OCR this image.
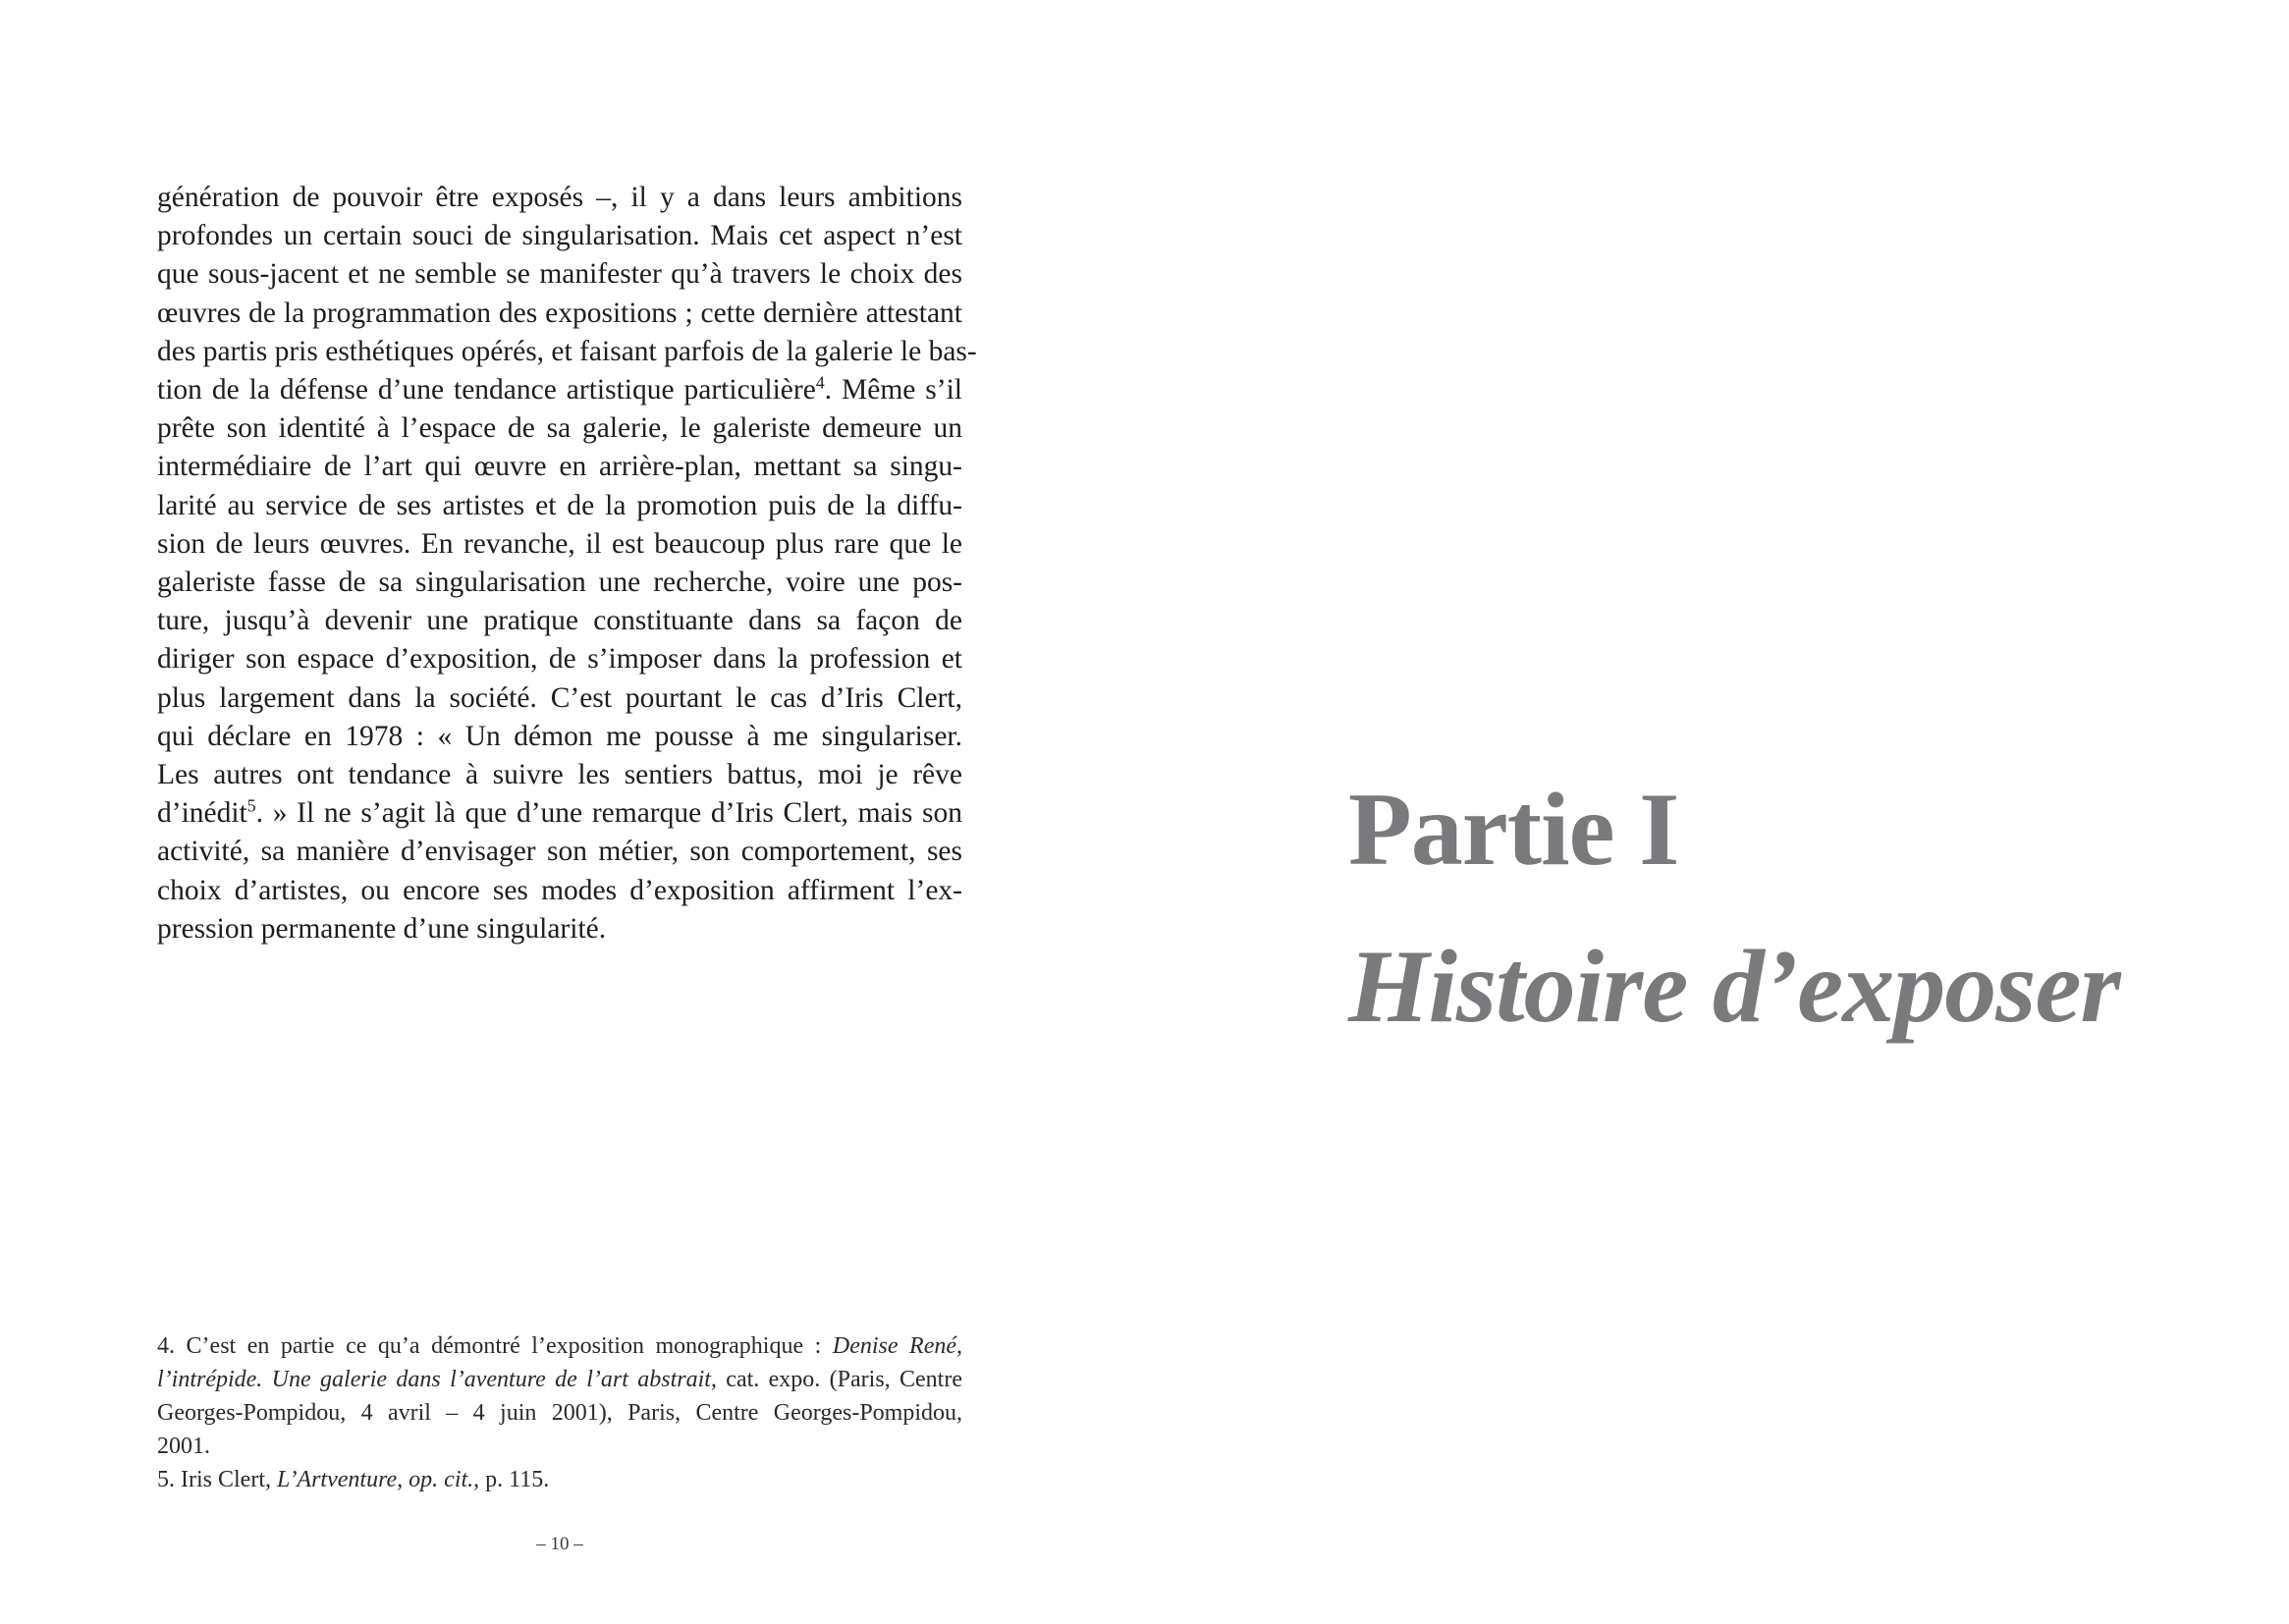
génération de pouvoir être exposés –, il y a dans leurs ambitions
profondes un certain souci de singularisation. Mais cet aspect n’est
que sous-jacent et ne semble se manifester qu’à travers le choix des
œuvres de la programmation des expositions ; cette dernière attestant
des partis pris esthétiques opérés, et faisant parfois de la galerie le bas-
tion de la défense d’une tendance artistique particulière$^4$. Même s’il
prête son identité à l’espace de sa galerie, le galeriste demeure un
intermédiaire de l’art qui œuvre en arrière-plan, mettant sa singu-
larité au service de ses artistes et de la promotion puis de la diffu-
sion de leurs œuvres. En revanche, il est beaucoup plus rare que le
galeriste fasse de sa singularisation une recherche, voire une pos-
ture, jusqu’à devenir une pratique constituante dans sa façon de
diriger son espace d’exposition, de s’imposer dans la profession et
plus largement dans la société. C’est pourtant le cas d’Iris Clert,
qui déclare en 1978 : « Un démon me pousse à me singulariser.
Les autres ont tendance à suivre les sentiers battus, moi je rêve
d’inédit$^5$. » Il ne s’agit là que d’une remarque d’Iris Clert, mais son
activité, sa manière d’envisager son métier, son comportement, ses
choix d’artistes, ou encore ses modes d’exposition affirment l’ex-
pression permanente d’une singularité.
4. C’est en partie ce qu’a démontré l’exposition monographique : Denise René,
l’intrépide. Une galerie dans l’aventure de l’art abstrait, cat. expo. (Paris, Centre
Georges-Pompidou, 4 avril – 4 juin 2001), Paris, Centre Georges-Pompidou,
2001.
5. Iris Clert, L’Artventure, op. cit., p. 115.
– 10 –
Partie I
Histoire d’exposer
